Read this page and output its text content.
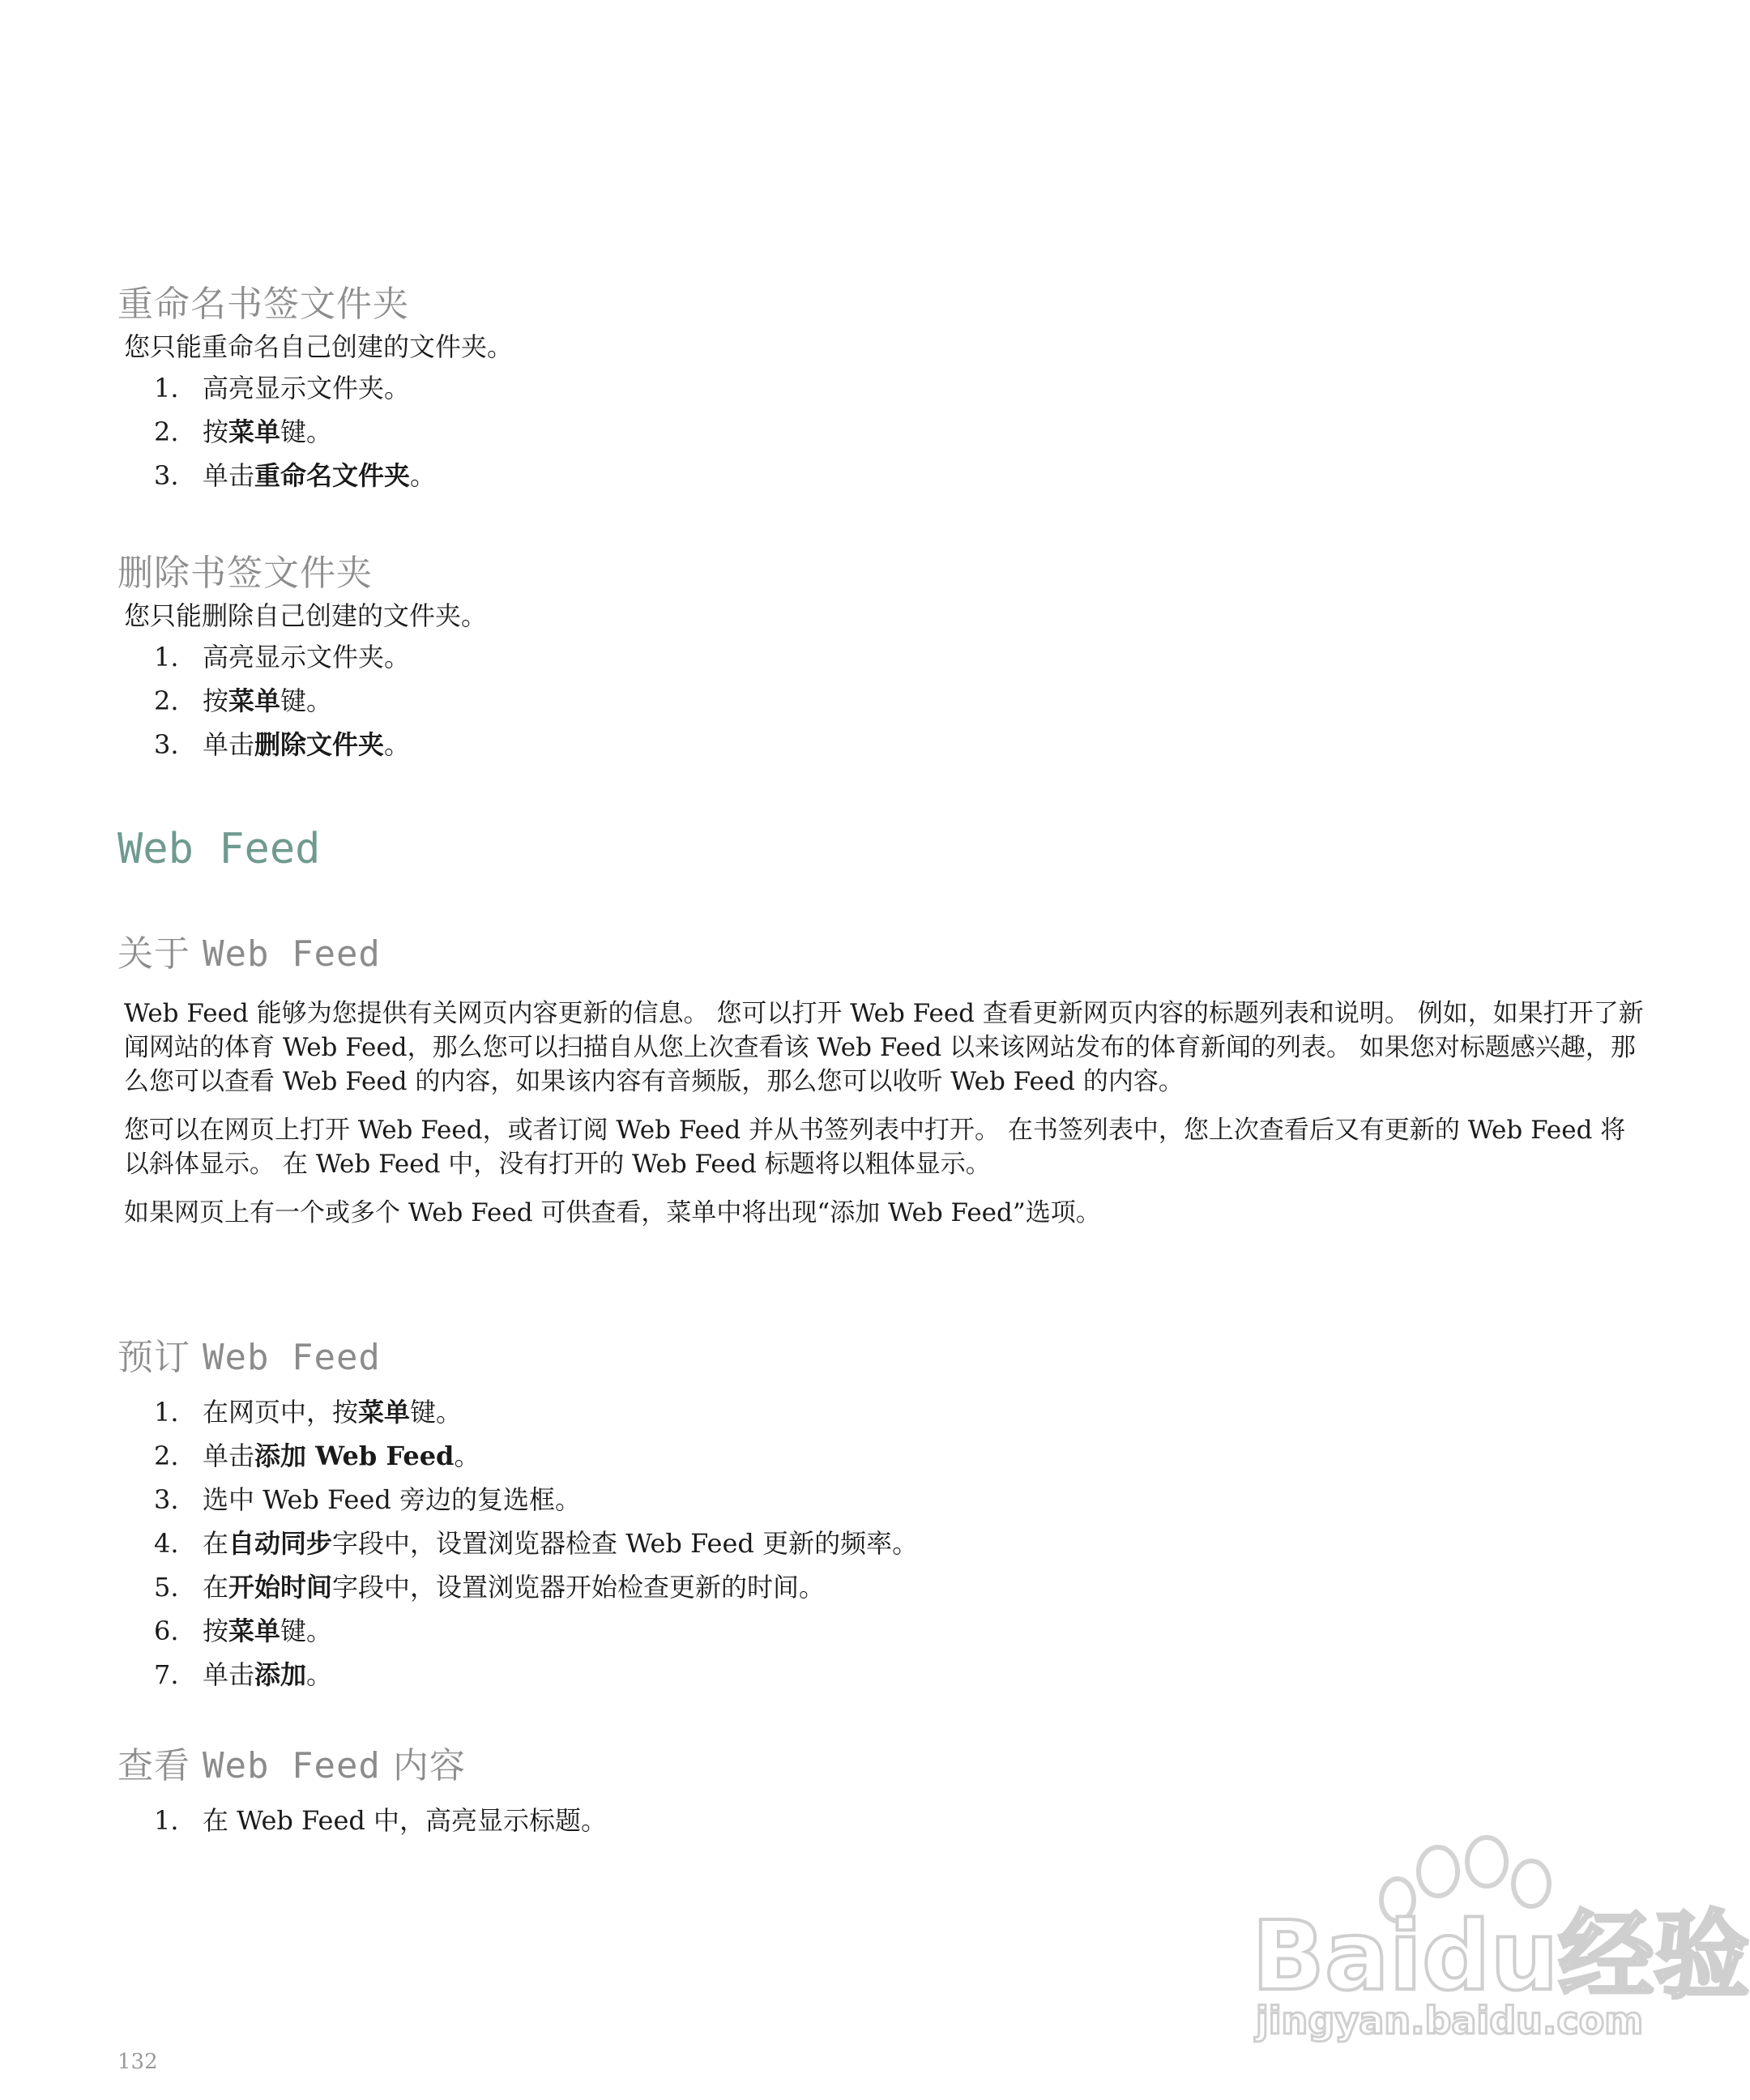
重命名书签文件夹

您只能重命名自己创建的文件夹。

1. 高亮显示文件夹。
2. 按菜单键。
3. 单击重命名文件夹。
删除书签文件夹

您只能删除自己创建的文件夹。

1. 高亮显示文件夹。
2. 按菜单键。
3. 单击删除文件夹。
Web Feed
关于 Web Feed

Web Feed 能够为您提供有关网页内容更新的信息。 您可以打开 Web Feed 查看更新网页内容的标题列表和说明。 例如，如果打开了新闻网站的体育 Web Feed，那么您可以扫描自从您上次查看该 Web Feed 以来该网站发布的体育新闻的列表。 如果您对标题感兴趣，那么您可以查看 Web Feed 的内容，如果该内容有音频版，那么您可以收听 Web Feed 的内容。

您可以在网页上打开 Web Feed，或者订阅 Web Feed 并从书签列表中打开。 在书签列表中，您上次查看后又有更新的 Web Feed 将以斜体显示。 在 Web Feed 中，没有打开的 Web Feed 标题将以粗体显示。

如果网页上有一个或多个 Web Feed 可供查看，菜单中将出现“添加 Web Feed”选项。

预订 Web Feed
1. 在网页中，按菜单键。
2. 单击添加 Web Feed。
3. 选中 Web Feed 旁边的复选框。
4. 在自动同步字段中，设置浏览器检查 Web Feed 更新的频率。
5. 在开始时间字段中，设置浏览器开始检查更新的时间。
6. 按菜单键。
7. 单击添加。
查看 Web Feed 内容
1. 在 Web Feed 中，高亮显示标题。
Baidu经验
jingyan.baidu.com
132
